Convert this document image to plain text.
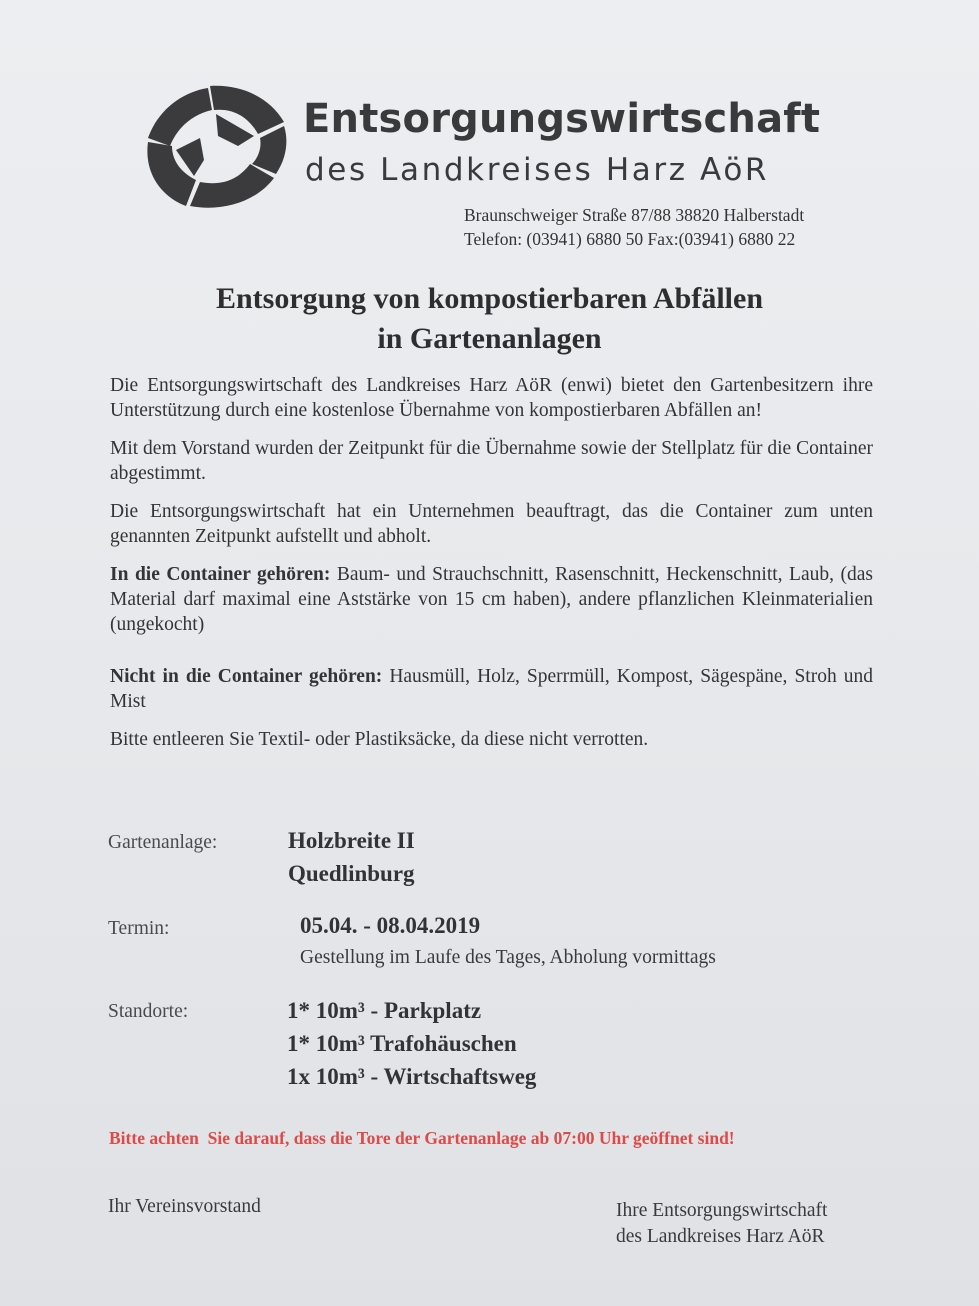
Entsorgungswirtschaft
des Landkreises Harz AöR
Braunschweiger Straße 87/88 38820 Halberstadt
Telefon: (03941) 6880 50 Fax:(03941) 6880 22
Entsorgung von kompostierbaren Abfällen
in Gartenanlagen

Die Entsorgungswirtschaft des Landkreises Harz AöR (enwi) bietet den Gartenbesitzern ihre Unterstützung durch eine kostenlose Übernahme von kompostierbaren Abfällen an!

Mit dem Vorstand wurden der Zeitpunkt für die Übernahme sowie der Stellplatz für die Container abgestimmt.

Die Entsorgungswirtschaft hat ein Unternehmen beauftragt, das die Container zum unten genannten Zeitpunkt aufstellt und abholt.

In die Container gehören: Baum- und Strauchschnitt, Rasenschnitt, Heckenschnitt, Laub, (das Material darf maximal eine Aststärke von 15 cm haben), andere pflanzlichen Kleinmaterialien (ungekocht)

Nicht in die Container gehören: Hausmüll, Holz, Sperrmüll, Kompost, Sägespäne, Stroh und Mist

Bitte entleeren Sie Textil- oder Plastiksäcke, da diese nicht verrotten.

Gartenanlage:	Holzbreite II
Quedlinburg
Termin:	05.04. - 08.04.2019
Gestellung im Laufe des Tages, Abholung vormittags
Standorte:	1* 10m³ - Parkplatz
1* 10m³ Trafohäuschen
1x 10m³ - Wirtschaftsweg
Bitte achten  Sie darauf, dass die Tore der Gartenanlage ab 07:00 Uhr geöffnet sind!
Ihr Vereinsvorstand	Ihre Entsorgungswirtschaft
des Landkreises Harz AöR
